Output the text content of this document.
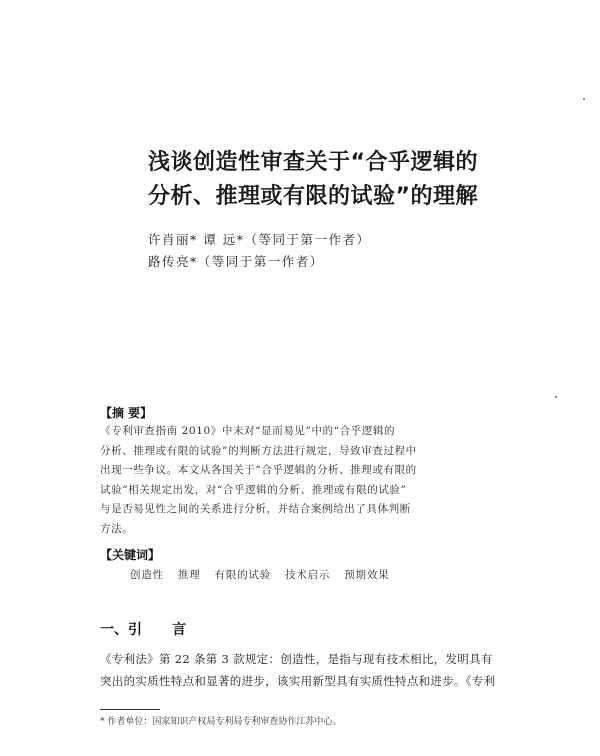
浅谈创造性审查关于“合乎逻辑的
分析、推理或有限的试验”的理解
许肖丽* 谭 远*（等同于第一作者）
路传亮*（等同于第一作者）
【摘 要】
《专利审查指南 2010》中未对“显而易见”中的“合乎逻辑的
分析、推理或有限的试验”的判断方法进行规定，导致审查过程中
出现一些争议。本文从各国关于“合乎逻辑的分析、推理或有限的
试验”相关规定出发，对“合乎逻辑的分析、推理或有限的试验”
与是否易见性之间的关系进行分析，并结合案例给出了具体判断
方法。
【关键词】
创造性 推理 有限的试验 技术启示 预期效果
一、引 言
《专利法》第 22 条第 3 款规定：创造性，是指与现有技术相比，发明具有
突出的实质性特点和显著的进步，该实用新型具有实质性特点和进步。《专利
* 作者单位：国家知识产权局专利局专利审查协作江苏中心。
